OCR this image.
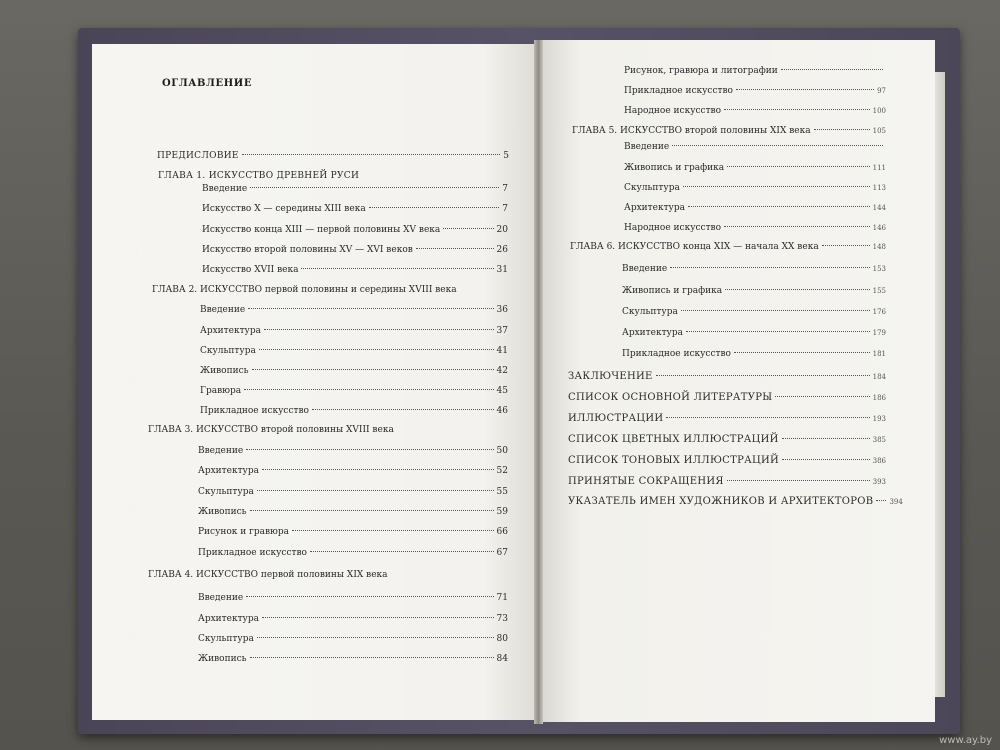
ОГЛАВЛЕНИЕ
ПРЕДИСЛОВИЕ	5
ГЛАВА 1. ИСКУССТВО ДРЕВНЕЙ РУСИ
Введение	7
Искусство X — середины XIII века	7
Искусство конца XIII — первой половины XV века	20
Искусство второй половины XV — XVI веков	26
Искусство XVII века	31
ГЛАВА 2. ИСКУССТВО первой половины и середины XVIII века
Введение	36
Архитектура	37
Скульптура	41
Живопись	42
Гравюра	45
Прикладное искусство	46
ГЛАВА 3. ИСКУССТВО второй половины XVIII века
Введение	50
Архитектура	52
Скульптура	55
Живопись	59
Рисунок и гравюра	66
Прикладное искусство	67
ГЛАВА 4. ИСКУССТВО первой половины XIX века
Введение	71
Архитектура	73
Скульптура	80
Живопись	84
Рисунок, гравюра и литографии
Прикладное искусство	97
Народное искусство	100
ГЛАВА 5. ИСКУССТВО второй половины XIX века	105
Введение
Живопись и графика	111
Скульптура	113
Архитектура	144
Народное искусство	146
ГЛАВА 6. ИСКУССТВО конца XIX — начала XX века	148
Введение	153
Живопись и графика	155
Скульптура	176
Архитектура	179
Прикладное искусство	181
ЗАКЛЮЧЕНИЕ	184
СПИСОК ОСНОВНОЙ ЛИТЕРАТУРЫ	186
ИЛЛЮСТРАЦИИ	193
СПИСОК ЦВЕТНЫХ ИЛЛЮСТРАЦИЙ	385
СПИСОК ТОНОВЫХ ИЛЛЮСТРАЦИЙ	386
ПРИНЯТЫЕ СОКРАЩЕНИЯ	393
УКАЗАТЕЛЬ ИМЕН ХУДОЖНИКОВ И АРХИТЕКТОРОВ 394
www.ay.by
